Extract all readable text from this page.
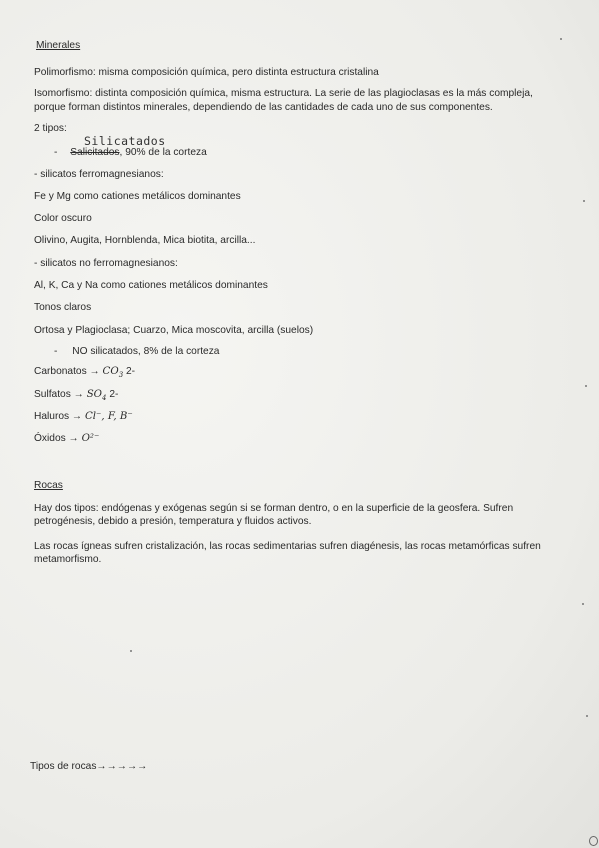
Minerales
Polimorfismo: misma composición química, pero distinta estructura cristalina
Isomorfismo: distinta composición química, misma estructura. La serie de las plagioclasas es la más compleja,
porque forman distintos minerales, dependiendo de las cantidades de cada uno de sus componentes.
2 tipos:
Silicatados
- Salicitados, 90% de la corteza
- silicatos ferromagnesianos:
Fe y Mg como cationes metálicos dominantes
Color oscuro
Olivino, Augita, Hornblenda, Mica biotita, arcilla...
- silicatos no ferromagnesianos:
Al, K, Ca y Na como cationes metálicos dominantes
Tonos claros
Ortosa y Plagioclasa; Cuarzo, Mica moscovita, arcilla (suelos)
- NO silicatados, 8% de la corteza
Carbonatos → $CO_3$ 2-
Sulfatos → $SO_4$ 2-
Haluros → Cl⁻, F, B⁻
Óxidos → O²⁻
Rocas
Hay dos tipos: endógenas y exógenas según si se forman dentro, o en la superficie de la geosfera. Sufren
petrogénesis, debido a presión, temperatura y fluidos activos.
Las rocas ígneas sufren cristalización, las rocas sedimentarias sufren diagénesis, las rocas metamórficas sufren
metamorfismo.
Tipos de rocas→→→→→
